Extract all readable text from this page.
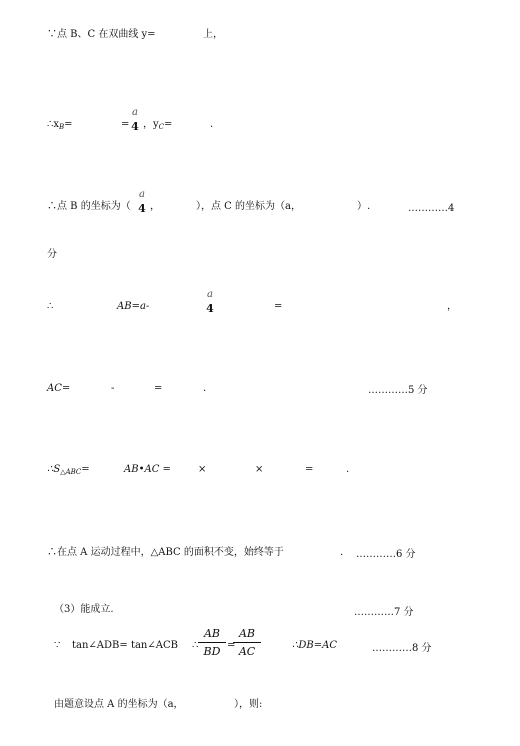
∵点 B、C 在双曲线 y=	上，
$\therefore x_B=$	=
a
4 ，$y_C=$	.
∴点 B 的坐标为（
a
4 ，	），点 C 的坐标为（a，	）.	…………4
分
∴	AB=a-
a
4	=	，
AC=	-	=	.	…………5 分
$\therefore S_{\triangle ABC}=$	AB•AC =	×	×	=	.
∴在点 A 运动过程中，△ABC 的面积不变，始终等于	. …………6 分
（3）能成立.	…………7 分
∵ tan∠ADB= tan∠ACB ∴
AB
BD =
AB
AC	∴DB=AC	…………8 分
由题意设点 A 的坐标为（a，	），则:
